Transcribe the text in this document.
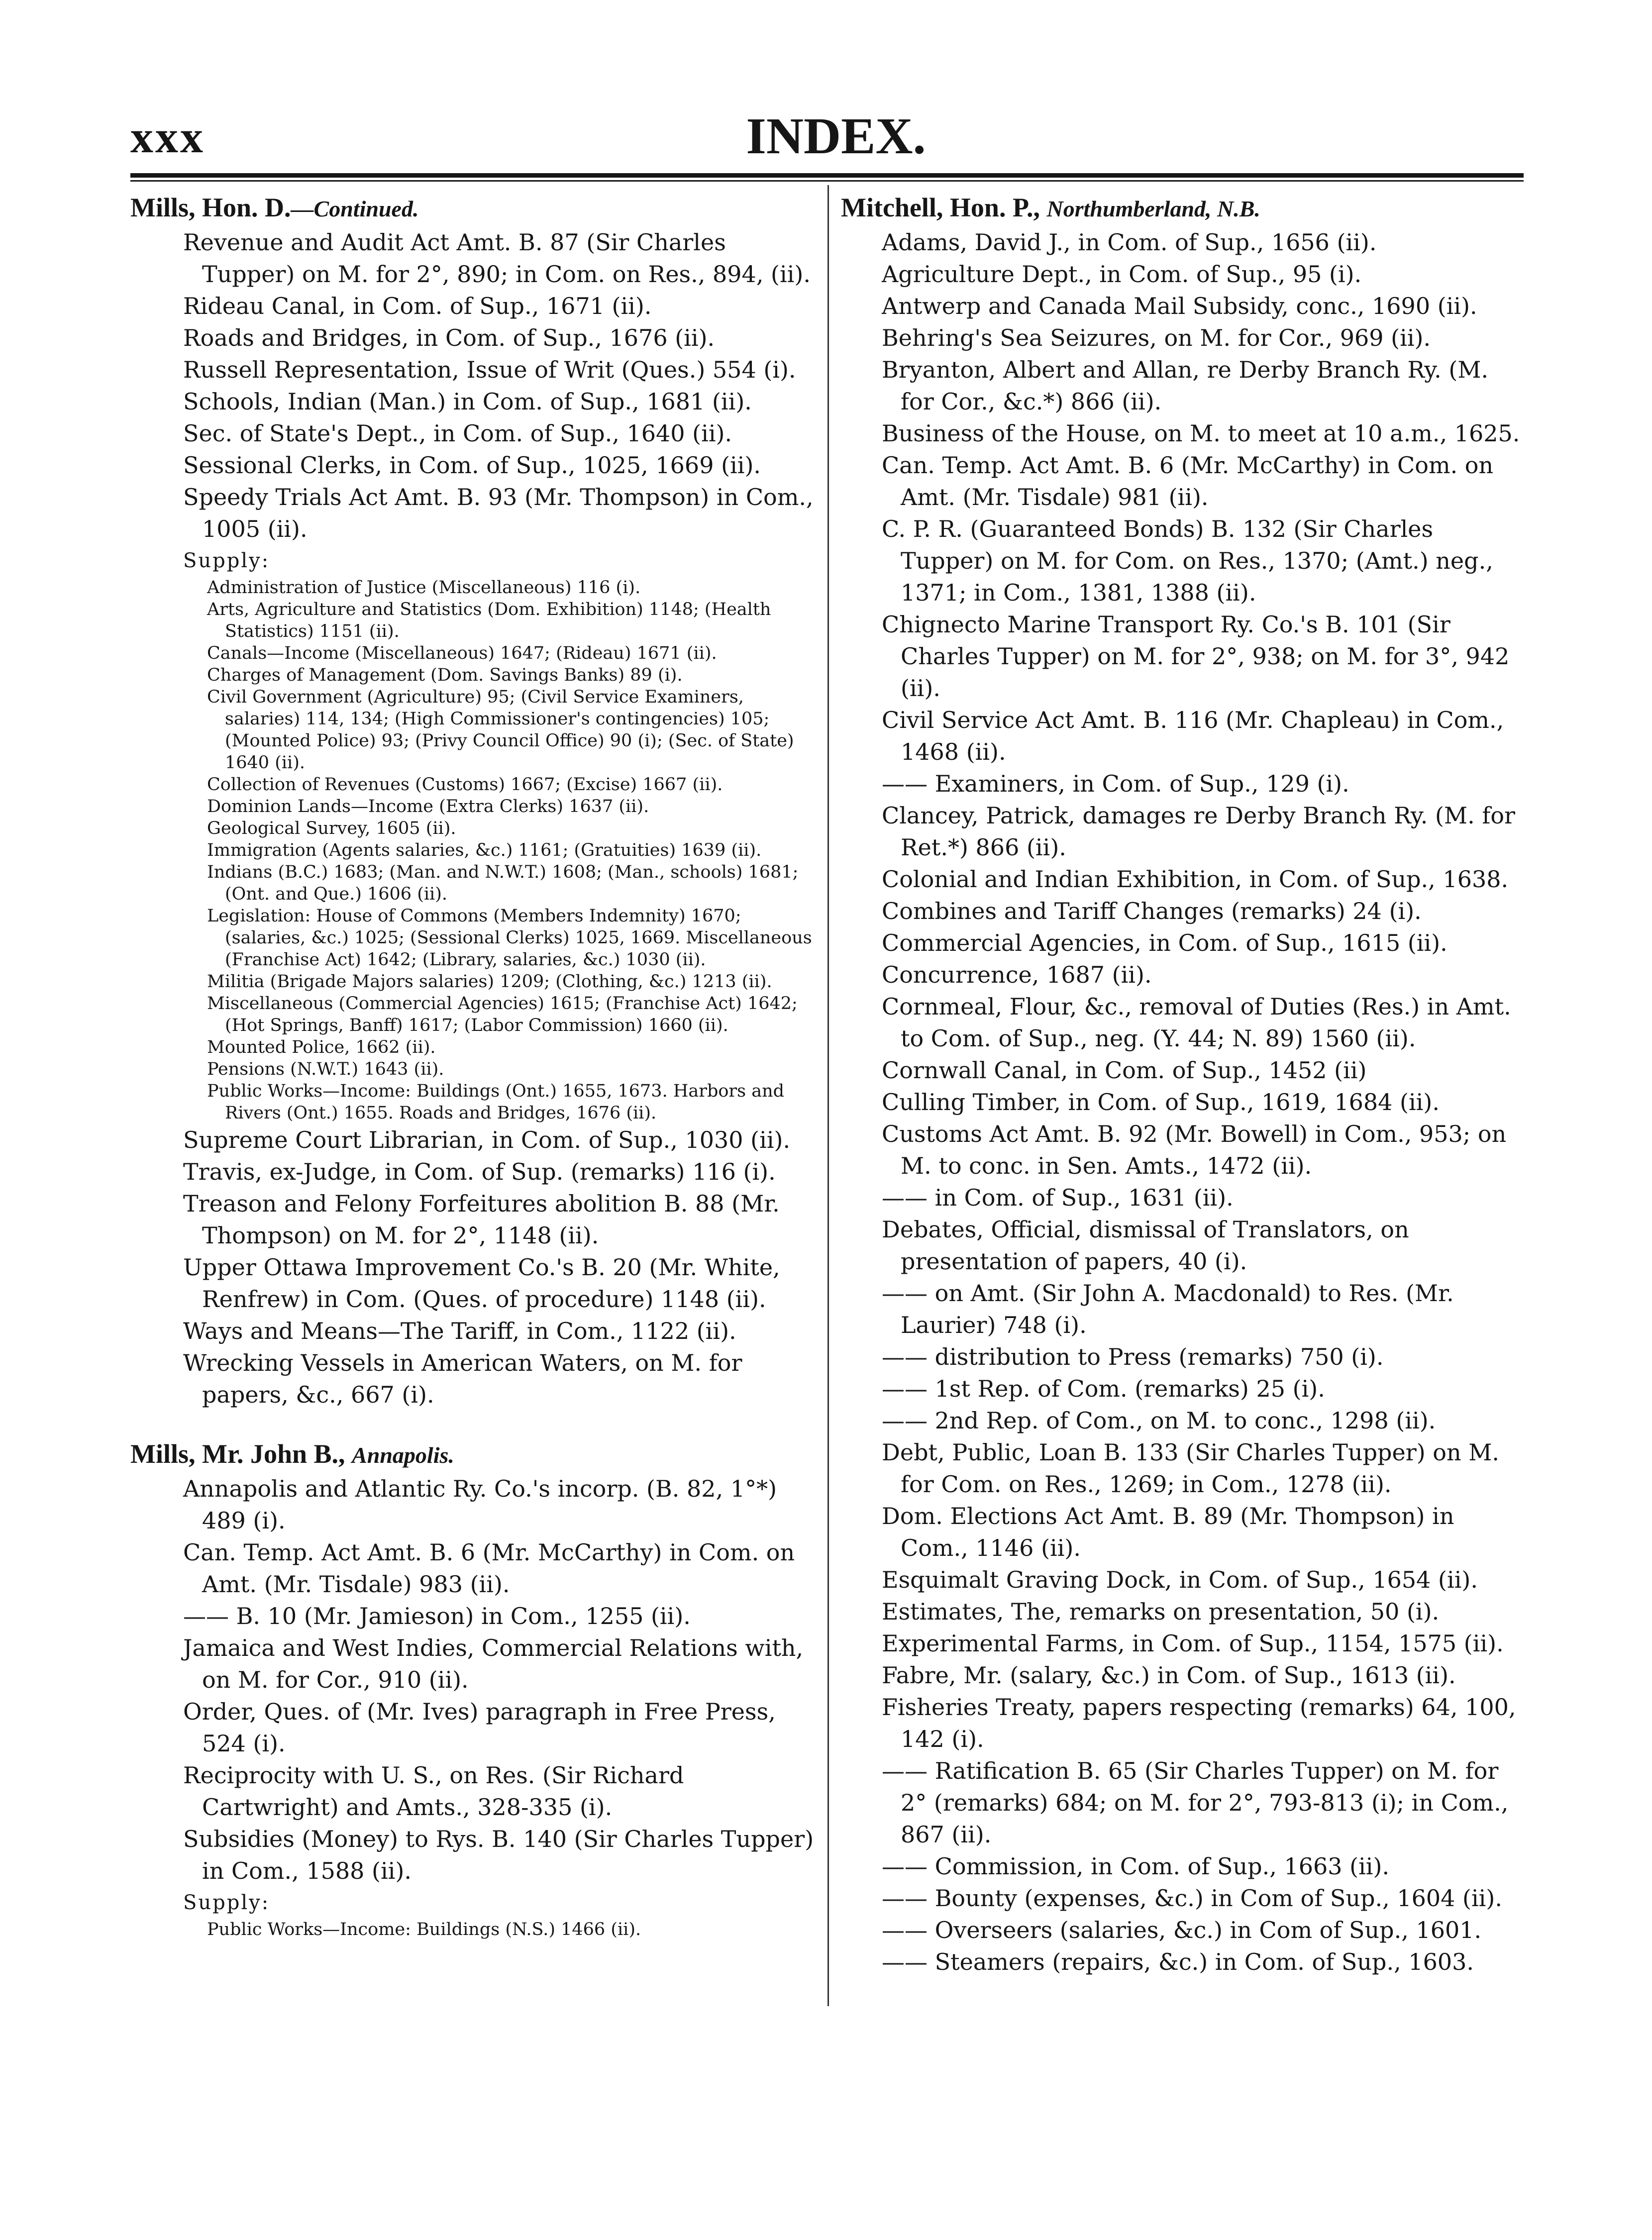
xxx	INDEX.
Mills, Hon. D.—Continued.
Revenue and Audit Act Amt. B. 87 (Sir Charles Tupper) on M. for 2°, 890; in Com. on Res., 894, (ii).
Rideau Canal, in Com. of Sup., 1671 (ii).
Roads and Bridges, in Com. of Sup., 1676 (ii).
Russell Representation, Issue of Writ (Ques.) 554 (i).
Schools, Indian (Man.) in Com. of Sup., 1681 (ii).
Sec. of State's Dept., in Com. of Sup., 1640 (ii).
Sessional Clerks, in Com. of Sup., 1025, 1669 (ii).
Speedy Trials Act Amt. B. 93 (Mr. Thompson) in Com., 1005 (ii).
Supply:
Administration of Justice (Miscellaneous) 116 (i).
Arts, Agriculture and Statistics (Dom. Exhibition) 1148; (Health Statistics) 1151 (ii).
Canals—Income (Miscellaneous) 1647; (Rideau) 1671 (ii).
Charges of Management (Dom. Savings Banks) 89 (i).
Civil Government (Agriculture) 95; (Civil Service Examiners, salaries) 114, 134; (High Commissioner's contingencies) 105; (Mounted Police) 93; (Privy Council Office) 90 (i); (Sec. of State) 1640 (ii).
Collection of Revenues (Customs) 1667; (Excise) 1667 (ii).
Dominion Lands—Income (Extra Clerks) 1637 (ii).
Geological Survey, 1605 (ii).
Immigration (Agents salaries, &c.) 1161; (Gratuities) 1639 (ii).
Indians (B.C.) 1683; (Man. and N.W.T.) 1608; (Man., schools) 1681; (Ont. and Que.) 1606 (ii).
Legislation: House of Commons (Members Indemnity) 1670; (salaries, &c.) 1025; (Sessional Clerks) 1025, 1669. Miscellaneous (Franchise Act) 1642; (Library, salaries, &c.) 1030 (ii).
Militia (Brigade Majors salaries) 1209; (Clothing, &c.) 1213 (ii).
Miscellaneous (Commercial Agencies) 1615; (Franchise Act) 1642; (Hot Springs, Banff) 1617; (Labor Commission) 1660 (ii).
Mounted Police, 1662 (ii).
Pensions (N.W.T.) 1643 (ii).
Public Works—Income: Buildings (Ont.) 1655, 1673. Harbors and Rivers (Ont.) 1655. Roads and Bridges, 1676 (ii).
Supreme Court Librarian, in Com. of Sup., 1030 (ii).
Travis, ex-Judge, in Com. of Sup. (remarks) 116 (i).
Treason and Felony Forfeitures abolition B. 88 (Mr. Thompson) on M. for 2°, 1148 (ii).
Upper Ottawa Improvement Co.'s B. 20 (Mr. White, Renfrew) in Com. (Ques. of procedure) 1148 (ii).
Ways and Means—The Tariff, in Com., 1122 (ii).
Wrecking Vessels in American Waters, on M. for papers, &c., 667 (i).
Mills, Mr. John B., Annapolis.
Annapolis and Atlantic Ry. Co.'s incorp. (B. 82, 1°*) 489 (i).
Can. Temp. Act Amt. B. 6 (Mr. McCarthy) in Com. on Amt. (Mr. Tisdale) 983 (ii).
—— B. 10 (Mr. Jamieson) in Com., 1255 (ii).
Jamaica and West Indies, Commercial Relations with, on M. for Cor., 910 (ii).
Order, Ques. of (Mr. Ives) paragraph in Free Press, 524 (i).
Reciprocity with U. S., on Res. (Sir Richard Cartwright) and Amts., 328-335 (i).
Subsidies (Money) to Rys. B. 140 (Sir Charles Tupper) in Com., 1588 (ii).
Supply:
Public Works—Income: Buildings (N.S.) 1466 (ii).
Mitchell, Hon. P., Northumberland, N.B.
Adams, David J., in Com. of Sup., 1656 (ii).
Agriculture Dept., in Com. of Sup., 95 (i).
Antwerp and Canada Mail Subsidy, conc., 1690 (ii).
Behring's Sea Seizures, on M. for Cor., 969 (ii).
Bryanton, Albert and Allan, re Derby Branch Ry. (M. for Cor., &c.*) 866 (ii).
Business of the House, on M. to meet at 10 a.m., 1625.
Can. Temp. Act Amt. B. 6 (Mr. McCarthy) in Com. on Amt. (Mr. Tisdale) 981 (ii).
C. P. R. (Guaranteed Bonds) B. 132 (Sir Charles Tupper) on M. for Com. on Res., 1370; (Amt.) neg., 1371; in Com., 1381, 1388 (ii).
Chignecto Marine Transport Ry. Co.'s B. 101 (Sir Charles Tupper) on M. for 2°, 938; on M. for 3°, 942 (ii).
Civil Service Act Amt. B. 116 (Mr. Chapleau) in Com., 1468 (ii).
—— Examiners, in Com. of Sup., 129 (i).
Clancey, Patrick, damages re Derby Branch Ry. (M. for Ret.*) 866 (ii).
Colonial and Indian Exhibition, in Com. of Sup., 1638.
Combines and Tariff Changes (remarks) 24 (i).
Commercial Agencies, in Com. of Sup., 1615 (ii).
Concurrence, 1687 (ii).
Cornmeal, Flour, &c., removal of Duties (Res.) in Amt. to Com. of Sup., neg. (Y. 44; N. 89) 1560 (ii).
Cornwall Canal, in Com. of Sup., 1452 (ii)
Culling Timber, in Com. of Sup., 1619, 1684 (ii).
Customs Act Amt. B. 92 (Mr. Bowell) in Com., 953; on M. to conc. in Sen. Amts., 1472 (ii).
—— in Com. of Sup., 1631 (ii).
Debates, Official, dismissal of Translators, on presentation of papers, 40 (i).
—— on Amt. (Sir John A. Macdonald) to Res. (Mr. Laurier) 748 (i).
—— distribution to Press (remarks) 750 (i).
—— 1st Rep. of Com. (remarks) 25 (i).
—— 2nd Rep. of Com., on M. to conc., 1298 (ii).
Debt, Public, Loan B. 133 (Sir Charles Tupper) on M. for Com. on Res., 1269; in Com., 1278 (ii).
Dom. Elections Act Amt. B. 89 (Mr. Thompson) in Com., 1146 (ii).
Esquimalt Graving Dock, in Com. of Sup., 1654 (ii).
Estimates, The, remarks on presentation, 50 (i).
Experimental Farms, in Com. of Sup., 1154, 1575 (ii).
Fabre, Mr. (salary, &c.) in Com. of Sup., 1613 (ii).
Fisheries Treaty, papers respecting (remarks) 64, 100, 142 (i).
—— Ratification B. 65 (Sir Charles Tupper) on M. for 2° (remarks) 684; on M. for 2°, 793-813 (i); in Com., 867 (ii).
—— Commission, in Com. of Sup., 1663 (ii).
—— Bounty (expenses, &c.) in Com of Sup., 1604 (ii).
—— Overseers (salaries, &c.) in Com of Sup., 1601.
—— Steamers (repairs, &c.) in Com. of Sup., 1603.
